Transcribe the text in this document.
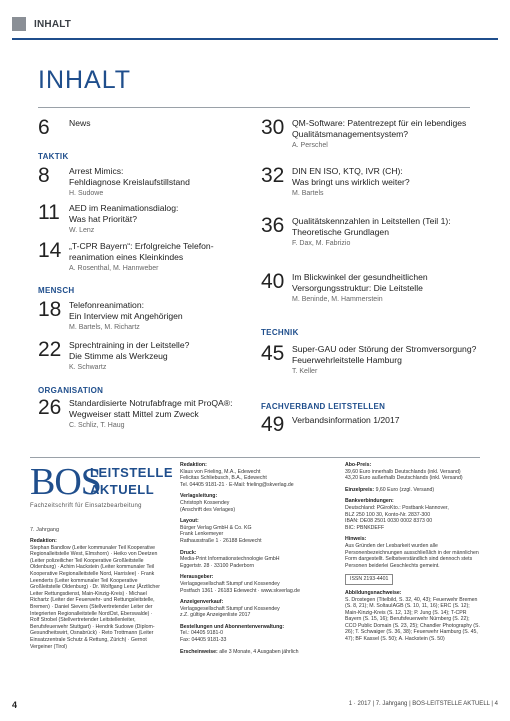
INHALT
INHALT
6	News
TAKTIK
8	Arrest Mimics:
Fehldiagnose Kreislaufstillstand
H. Sudowe
11	AED im Reanimationsdialog:
Was hat Priorität?
W. Lenz
14 „T-CPR Bayern“: Erfolgreiche Telefon-
reanimation eines Kleinkindes
A. Rosenthal, M. Hannweber
MENSCH
18 Telefonreanimation:
Ein Interview mit Angehörigen
M. Bartels, M. Richartz
22 Sprechtraining in der Leitstelle?
Die Stimme als Werkzeug
K. Schwartz
ORGANISATION
26 Standardisierte Notrufabfrage mit ProQA®:
Wegweiser statt Mittel zum Zweck
C. Schliz, T. Haug
30 QM-Software: Patentrezept für ein lebendiges
Qualitätsmanagementsystem?
A. Perschel
32 DIN EN ISO, KTQ, IVR (CH):
Was bringt uns wirklich weiter?
M. Bartels
36 Qualitätskennzahlen in Leitstellen (Teil 1):
Theoretische Grundlagen
F. Dax, M. Fabrizio
40 Im Blickwinkel der gesundheitlichen
Versorgungsstruktur: Die Leitstelle
M. Beninde, M. Hammerstein
TECHNIK
45 Super-GAU oder Störung der Stromversorgung?
Feuerwehrleitstelle Hamburg
T. Keller
FACHVERBAND LEITSTELLEN
49 Verbandsinformation 1/2017
BOS
LEITSTELLE
AKTUELL
Fachzeitschrift für Einsatzbearbeitung
7. Jahrgang
Redaktion:
Stephan Bandlow (Leiter kommunaler Teil Kooperative Regionalleitstelle West, Elmshorn) · Heiko von Deetzen (Leiter polizeilicher Teil Kooperative Großleitstelle Oldenburg) · Achim Hackstein (Leiter kommunaler Teil Kooperative Regionalleitstelle Nord, Harrislee) · Frank Leenderts (Leiter kommunaler Teil Kooperative Großleitstelle Oldenburg) · Dr. Wolfgang Lenz (Ärztlicher Leiter Rettungsdienst, Main-Kinzig-Kreis) · Michael Richartz (Leiter der Feuerwehr- und Rettungsleitstelle, Bremen) · Daniel Sievers (Stellvertretender Leiter der Integrierten Regionalleitstelle NordOst, Eberswalde) · Rolf Strobel (Stellvertretender Leitstellenleiter, Berufsfeuerwehr Stuttgart) · Hendrik Sudowe (Diplom-Gesundheitswirt, Osnabrück) · Reto Trottmann (Leiter Einsatzzentrale Schutz & Rettung, Zürich) · Gernot Vergeiner (Tirol)
Redaktion:
Klaus von Frieling, M.A., Edewecht
Felicitas Schliebusch, B.A., Edewecht
Tel. 04405 9181-21 · E-Mail: frieling@skverlag.de
Verlagsleitung:
Christoph Kossendey
(Anschrift des Verlages)
Layout:
Bürger Verlag GmbH & Co. KG
Frank Lenkemeyer
Rathausstraße 1 · 26188 Edewecht
Druck:
Media-Print Informationstechnologie GmbH
Eggertstr. 28 · 33100 Paderborn
Herausgeber:
Verlagsgesellschaft Stumpf und Kossendey
Postfach 1361 · 26183 Edewecht · www.skverlag.de
Anzeigenverkauf:
Verlagsgesellschaft Stumpf und Kossendey
z.Z. gültige Anzeigenliste 2017
Bestellungen und Abonnentenverwaltung:
Tel.: 04405 9181-0
Fax: 04405 9181-33
Erscheinweise: alle 3 Monate, 4 Ausgaben jährlich
Abo-Preis:
39,60 Euro innerhalb Deutschlands (inkl. Versand)
43,20 Euro außerhalb Deutschlands (inkl. Versand)
Einzelpreis: 9,60 Euro (zzgl. Versand)
Bankverbindungen:
Deutschland: PGiroKto.: Postbank Hannover,
BLZ 250 100 30, Konto-Nr. 2837-300
IBAN: DE08 2501 0030 0002 8373 00
BIC: PBNKDEFF
Hinweis:
Aus Gründen der Lesbarkeit wurden alle Personenbezeichnungen ausschließlich in der männlichen Form dargestellt. Selbstverständlich sind dennoch stets Personen beiderlei Geschlechts gemeint.
ISSN 2193-4401
Abbildungsnachweise:
S. Drostegen (Titelbild, S. 32, 40, 43); Feuerwehr Bremen (S. 8, 21); M. SoltauIAGB (S. 10, 11, 16); ERC (S. 12); Main-Kinzig-Kreis (S. 12, 13); P. Jung (S. 14); T-CPR Bayern (S. 15, 16); Berufsfeuerwehr Nürnberg (S. 22); CCO Public Domain (S. 23, 25); Chandler Photography (S. 26); T. Schwaiger (S. 36, 38); Feuerwehr Hamburg (S. 45, 47); BF Kassel (S. 50); A. Hackstein (S. 50)
4	1 · 2017 | 7. Jahrgang | BOS-LEITSTELLE AKTUELL | 4
